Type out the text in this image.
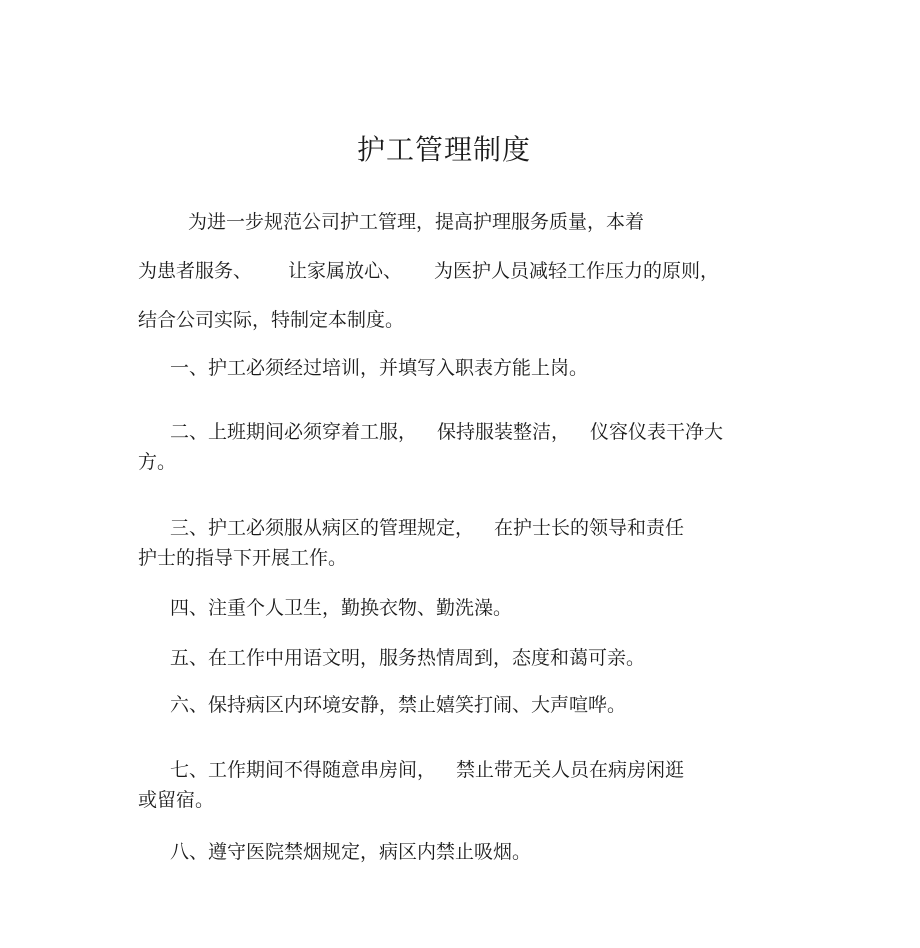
护工管理制度
为进一步规范公司护工管理，提高护理服务质量，本着
为患者服务、 让家属放心、 为医护人员减轻工作压力的原则，
结合公司实际，特制定本制度。
一、护工必须经过培训，并填写入职表方能上岗。
二、上班期间必须穿着工服， 保持服装整洁， 仪容仪表干净大
方。
三、护工必须服从病区的管理规定， 在护士长的领导和责任
护士的指导下开展工作。
四、注重个人卫生，勤换衣物、勤洗澡。
五、在工作中用语文明，服务热情周到，态度和蔼可亲。
六、保持病区内环境安静，禁止嬉笑打闹、大声喧哗。
七、工作期间不得随意串房间， 禁止带无关人员在病房闲逛
或留宿。
八、遵守医院禁烟规定，病区内禁止吸烟。
